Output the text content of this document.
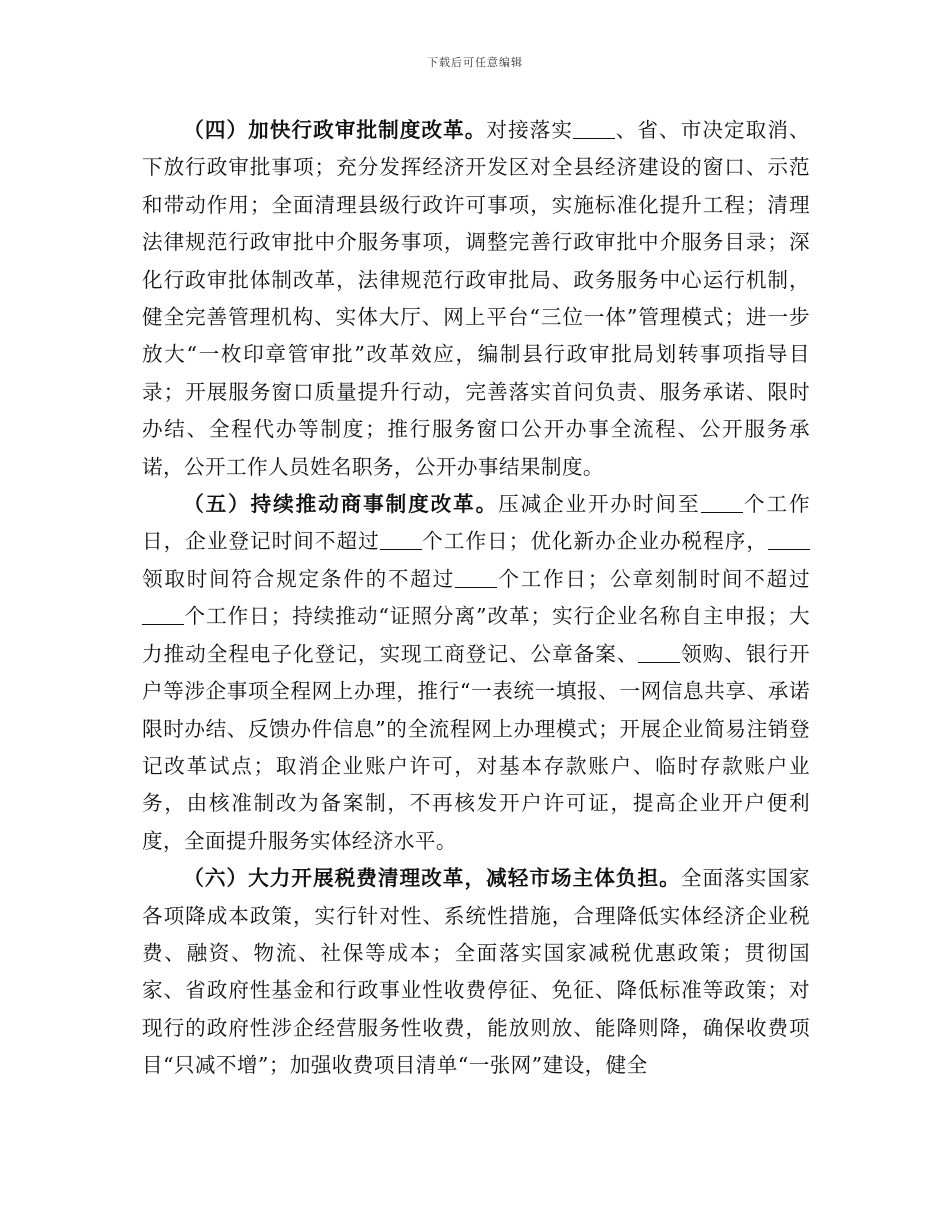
下载后可任意编辑

（四）加快行政审批制度改革。对接落实 、省、市决定取消、下放行政审批事项；充分发挥经济开发区对全县经济建设的窗口、示范和带动作用；全面清理县级行政许可事项，实施标准化提升工程；清理法律规范行政审批中介服务事项，调整完善行政审批中介服务目录；深化行政审批体制改革，法律规范行政审批局、政务服务中心运行机制，健全完善管理机构、实体大厅、网上平台“三位一体”管理模式；进一步放大“一枚印章管审批”改革效应，编制县行政审批局划转事项指导目录；开展服务窗口质量提升行动，完善落实首问负责、服务承诺、限时办结、全程代办等制度；推行服务窗口公开办事全流程、公开服务承诺，公开工作人员姓名职务，公开办事结果制度。

（五）持续推动商事制度改革。压减企业开办时间至 个工作日，企业登记时间不超过 个工作日；优化新办企业办税程序，领取时间符合规定条件的不超过 个工作日；公章刻制时间不超过个工作日；持续推动“证照分离”改革；实行企业名称自主申报；大力推动全程电子化登记，实现工商登记、公章备案、 领购、银行开户等涉企事项全程网上办理，推行“一表统一填报、一网信息共享、承诺限时办结、反馈办件信息”的全流程网上办理模式；开展企业简易注销登记改革试点；取消企业账户许可，对基本存款账户、临时存款账户业务，由核准制改为备案制，不再核发开户许可证，提高企业开户便利度，全面提升服务实体经济水平。

（六）大力开展税费清理改革，减轻市场主体负担。全面落实国家各项降成本政策，实行针对性、系统性措施，合理降低实体经济企业税费、融资、物流、社保等成本；全面落实国家减税优惠政策；贯彻国家、省政府性基金和行政事业性收费停征、免征、降低标准等政策；对现行的政府性涉企经营服务性收费，能放则放、能降则降，确保收费项目“只减不增”；加强收费项目清单“一张网”建设，健全
